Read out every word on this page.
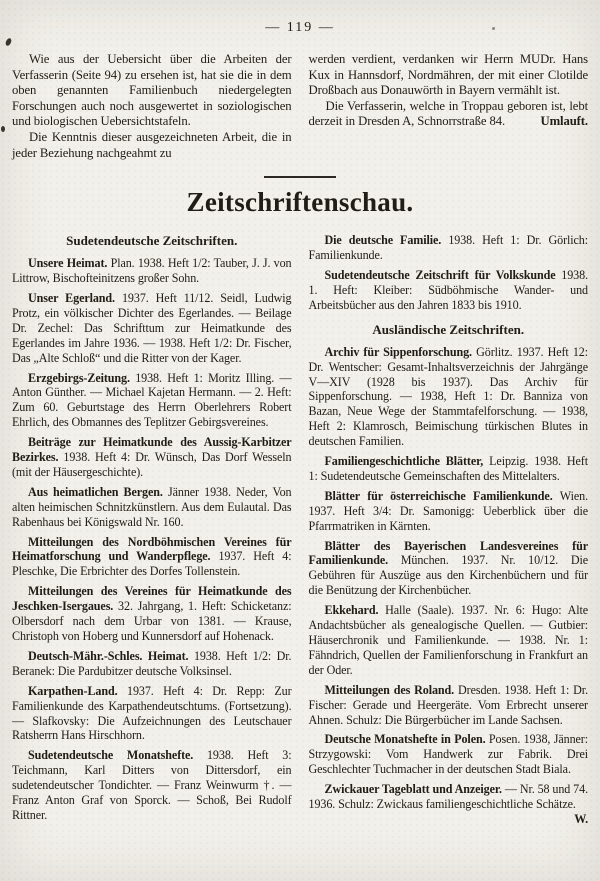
— 119 —

Wie aus der Uebersicht über die Arbeiten der Verfasserin (Seite 94) zu ersehen ist, hat sie die in dem oben genannten Familienbuch niedergelegten Forschungen auch noch ausgewertet in soziologischen und biologischen Uebersichtstafeln.

Die Kenntnis dieser ausgezeichneten Arbeit, die in jeder Beziehung nachgeahmt zu

werden verdient, verdanken wir Herrn MUDr. Hans Kux in Hannsdorf, Nordmähren, der mit einer Clotilde Droßbach aus Donauwörth in Bayern vermählt ist.

Die Verfasserin, welche in Troppau geboren ist, lebt derzeit in Dresden A, Schnorrstraße 84.	Umlauft.

Zeitschriftenschau.
Sudetendeutsche Zeitschriften.

Unsere Heimat. Plan. 1938. Heft 1/2: Tauber, J. J. von Littrow, Bischofteinitzens großer Sohn.

Unser Egerland. 1937. Heft 11/12. Seidl, Ludwig Protz, ein völkischer Dichter des Egerlandes. — Beilage Dr. Zechel: Das Schrifttum zur Heimatkunde des Egerlandes im Jahre 1936. — 1938. Heft 1/2: Dr. Fischer, Das „Alte Schloß“ und die Ritter von der Kager.

Erzgebirgs-Zeitung. 1938. Heft 1: Moritz Illing. — Anton Günther. — Michael Kajetan Hermann. — 2. Heft: Zum 60. Geburtstage des Herrn Oberlehrers Robert Ehrlich, des Obmannes des Teplitzer Gebirgsvereines.

Beiträge zur Heimatkunde des Aussig-Karbitzer Bezirkes. 1938. Heft 4: Dr. Wünsch, Das Dorf Wesseln (mit der Häusergeschichte).

Aus heimatlichen Bergen. Jänner 1938. Neder, Von alten heimischen Schnitzkünstlern. Aus dem Eulautal. Das Rabenhaus bei Königswald Nr. 160.

Mitteilungen des Nordböhmischen Vereines für Heimatforschung und Wanderpflege. 1937. Heft 4: Pleschke, Die Erbrichter des Dorfes Tollenstein.

Mitteilungen des Vereines für Heimatkunde des Jeschken-Isergaues. 32. Jahrgang, 1. Heft: Schicketanz: Olbersdorf nach dem Urbar von 1381. — Krause, Christoph von Hoberg und Kunnersdorf auf Hohenack.

Deutsch-Mähr.-Schles. Heimat. 1938. Heft 1/2: Dr. Beranek: Die Pardubitzer deutsche Volksinsel.

Karpathen-Land. 1937. Heft 4: Dr. Repp: Zur Familienkunde des Karpathendeutschtums. (Fortsetzung). — Slafkovsky: Die Aufzeichnungen des Leutschauer Ratsherrn Hans Hirschhorn.

Sudetendeutsche Monatshefte. 1938. Heft 3: Teichmann, Karl Ditters von Dittersdorf, ein sudetendeutscher Tondichter. — Franz Weinwurm †. — Franz Anton Graf von Sporck. — Schoß, Bei Rudolf Rittner.

Die deutsche Familie. 1938. Heft 1: Dr. Görlich: Familienkunde.

Sudetendeutsche Zeitschrift für Volkskunde 1938. 1. Heft: Kleiber: Südböhmische Wander- und Arbeitsbücher aus den Jahren 1833 bis 1910.

Ausländische Zeitschriften.

Archiv für Sippenforschung. Görlitz. 1937. Heft 12: Dr. Wentscher: Gesamt-Inhaltsverzeichnis der Jahrgänge V—XIV (1928 bis 1937). Das Archiv für Sippenforschung. — 1938, Heft 1: Dr. Banniza von Bazan, Neue Wege der Stammtafelforschung. — 1938, Heft 2: Klamrosch, Beimischung türkischen Blutes in deutschen Familien.

Familiengeschichtliche Blätter, Leipzig. 1938. Heft 1: Sudetendeutsche Gemeinschaften des Mittelalters.

Blätter für österreichische Familienkunde. Wien. 1937. Heft 3/4: Dr. Samonigg: Ueberblick über die Pfarrmatriken in Kärnten.

Blätter des Bayerischen Landesvereines für Familienkunde. München. 1937. Nr. 10/12. Die Gebühren für Auszüge aus den Kirchenbüchern und für die Benützung der Kirchenbücher.

Ekkehard. Halle (Saale). 1937. Nr. 6: Hugo: Alte Andachtsbücher als genealogische Quellen. — Gutbier: Häuserchronik und Familienkunde. — 1938. Nr. 1: Fähndrich, Quellen der Familienforschung in Frankfurt an der Oder.

Mitteilungen des Roland. Dresden. 1938. Heft 1: Dr. Fischer: Gerade und Heergeräte. Vom Erbrecht unserer Ahnen. Schulz: Die Bürgerbücher im Lande Sachsen.

Deutsche Monatshefte in Polen. Posen. 1938, Jänner: Strzygowski: Vom Handwerk zur Fabrik. Drei Geschlechter Tuchmacher in der deutschen Stadt Biala.

Zwickauer Tageblatt und Anzeiger. — Nr. 58 und 74. 1936. Schulz: Zwickaus familiengeschichtliche Schätze.
W.
